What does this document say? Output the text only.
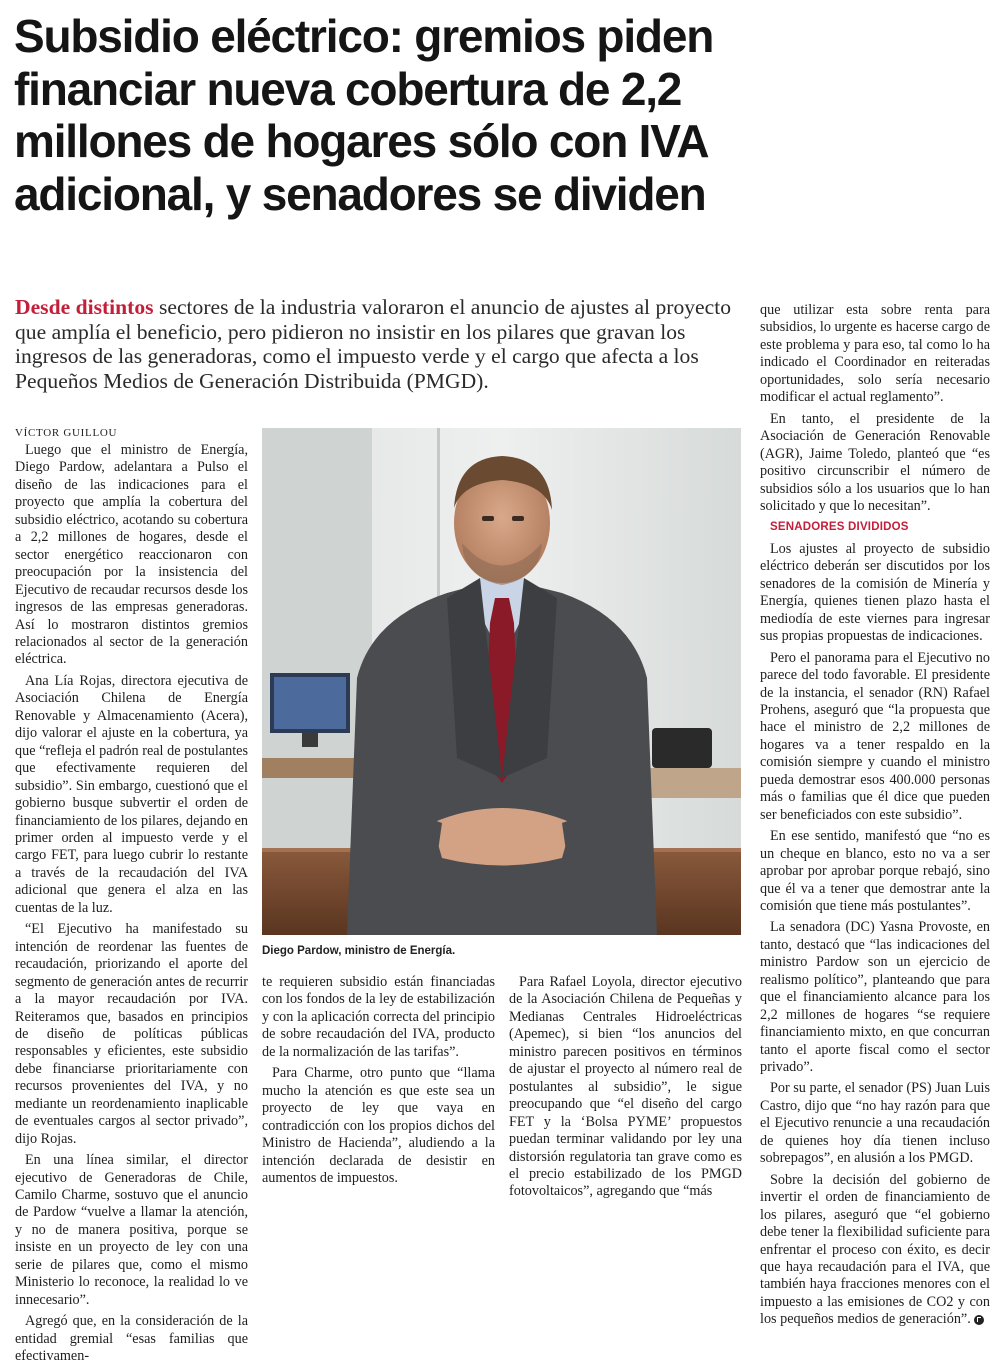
Subsidio eléctrico: gremios piden financiar nueva cobertura de 2,2 millones de hogares sólo con IVA adicional, y senadores se dividen

Desde distintos sectores de la industria valoraron el anuncio de ajustes al proyecto que amplía el beneficio, pero pidieron no insistir en los pilares que gravan los ingresos de las generadoras, como el impuesto verde y el cargo que afecta a los Pequeños Medios de Generación Distribuida (PMGD).

VÍCTOR GUILLOU

Luego que el ministro de Energía, Diego Pardow, adelantara a Pulso el diseño de las indicaciones para el proyecto que amplía la cobertura del subsidio eléctrico, acotando su cobertura a 2,2 millones de hogares, desde el sector energético reaccionaron con preocupación por la insistencia del Ejecutivo de recaudar recursos desde los ingresos de las empresas generadoras. Así lo mostraron distintos gremios relacionados al sector de la generación eléctrica.

Ana Lía Rojas, directora ejecutiva de Asociación Chilena de Energía Renovable y Almacenamiento (Acera), dijo valorar el ajuste en la cobertura, ya que “refleja el padrón real de postulantes que efectivamente requieren del subsidio”. Sin embargo, cuestionó que el gobierno busque subvertir el orden de financiamiento de los pilares, dejando en primer orden al impuesto verde y el cargo FET, para luego cubrir lo restante a través de la recaudación del IVA adicional que genera el alza en las cuentas de la luz.

“El Ejecutivo ha manifestado su intención de reordenar las fuentes de recaudación, priorizando el aporte del segmento de generación antes de recurrir a la mayor recaudación por IVA. Reiteramos que, basados en principios de diseño de políticas públicas responsables y eficientes, este subsidio debe financiarse prioritariamente con recursos provenientes del IVA, y no mediante un reordenamiento inaplicable de eventuales cargos al sector privado”, dijo Rojas.

En una línea similar, el director ejecutivo de Generadoras de Chile, Camilo Charme, sostuvo que el anuncio de Pardow “vuelve a llamar la atención, y no de manera positiva, porque se insiste en un proyecto de ley con una serie de pilares que, como el mismo Ministerio lo reconoce, la realidad lo ve innecesario”.

Agregó que, en la consideración de la entidad gremial “esas familias que efectivamen-

Diego Pardow, ministro de Energía.

te requieren subsidio están financiadas con los fondos de la ley de estabilización y con la aplicación correcta del principio de sobre recaudación del IVA, producto de la normalización de las tarifas”.

Para Charme, otro punto que “llama mucho la atención es que este sea un proyecto de ley que vaya en contradicción con los propios dichos del Ministro de Hacienda”, aludiendo a la intención declarada de desistir en aumentos de impuestos.

Para Rafael Loyola, director ejecutivo de la Asociación Chilena de Pequeñas y Medianas Centrales Hidroeléctricas (Apemec), si bien “los anuncios del ministro parecen positivos en términos de ajustar el proyecto al número real de postulantes al subsidio”, le sigue preocupando que “el diseño del cargo FET y la ‘Bolsa PYME’ propuestos puedan terminar validando por ley una distorsión regulatoria tan grave como es el precio estabilizado de los PMGD fotovoltaicos”, agregando que “más

que utilizar esta sobre renta para subsidios, lo urgente es hacerse cargo de este problema y para eso, tal como lo ha indicado el Coordinador en reiteradas oportunidades, solo sería necesario modificar el actual reglamento”.

En tanto, el presidente de la Asociación de Generación Renovable (AGR), Jaime Toledo, planteó que “es positivo circunscribir el número de subsidios sólo a los usuarios que lo han solicitado y que lo necesitan”.

SENADORES DIVIDIDOS

Los ajustes al proyecto de subsidio eléctrico deberán ser discutidos por los senadores de la comisión de Minería y Energía, quienes tienen plazo hasta el mediodía de este viernes para ingresar sus propias propuestas de indicaciones.

Pero el panorama para el Ejecutivo no parece del todo favorable. El presidente de la instancia, el senador (RN) Rafael Prohens, aseguró que “la propuesta que hace el ministro de 2,2 millones de hogares va a tener respaldo en la comisión siempre y cuando el ministro pueda demostrar esos 400.000 personas más o familias que él dice que pueden ser beneficiados con este subsidio”.

En ese sentido, manifestó que “no es un cheque en blanco, esto no va a ser aprobar por aprobar porque rebajó, sino que él va a tener que demostrar ante la comisión que tiene más postulantes”.

La senadora (DC) Yasna Provoste, en tanto, destacó que “las indicaciones del ministro Pardow son un ejercicio de realismo político”, planteando que para que el financiamiento alcance para los 2,2 millones de hogares “se requiere financiamiento mixto, en que concurran tanto el aporte fiscal como el sector privado”.

Por su parte, el senador (PS) Juan Luis Castro, dijo que “no hay razón para que el Ejecutivo renuncie a una recaudación de quienes hoy día tienen incluso sobrepagos”, en alusión a los PMGD.

Sobre la decisión del gobierno de invertir el orden de financiamiento de los pilares, aseguró que “el gobierno debe tener la flexibilidad suficiente para enfrentar el proceso con éxito, es decir que haya recaudación para el IVA, que también haya fracciones menores con el impuesto a las emisiones de CO2 y con los pequeños medios de generación”.
